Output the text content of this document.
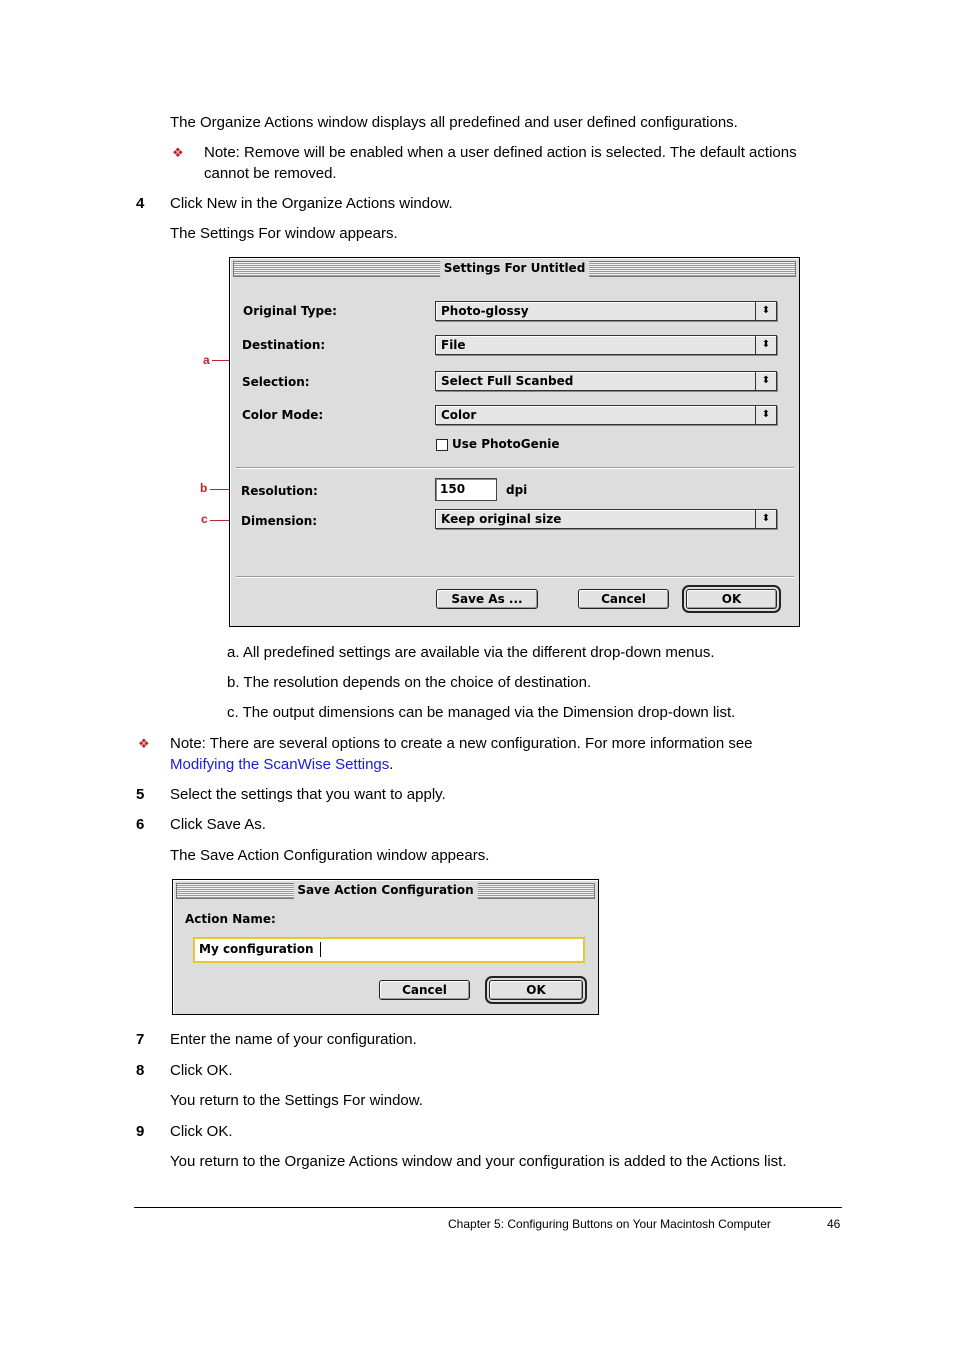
The Organize Actions window displays all predefined and user defined configurations.
❖ Note: Remove will be enabled when a user defined action is selected. The default actions
cannot be removed.
4 Click New in the Organize Actions window.
The Settings For window appears.
a
b
c
Settings For Untitled
Original Type:	Photo-glossy	⬍
Destination:	File	⬍
Selection:	Select Full Scanbed	⬍
Color Mode:	Color	⬍
Use PhotoGenie
Resolution:	150	dpi
Dimension:	Keep original size	⬍
Save As ...	Cancel	OK
a. All predefined settings are available via the different drop-down menus.
b. The resolution depends on the choice of destination.
c. The output dimensions can be managed via the Dimension drop-down list.
❖ Note: There are several options to create a new configuration. For more information see
Modifying the ScanWise Settings.
5 Select the settings that you want to apply.
6 Click Save As.
The Save Action Configuration window appears.
Save Action Configuration
Action Name:
My configuration
Cancel	OK
7 Enter the name of your configuration.
8 Click OK.
You return to the Settings For window.
9 Click OK.
You return to the Organize Actions window and your configuration is added to the Actions list.
Chapter 5: Configuring Buttons on Your Macintosh Computer	46
